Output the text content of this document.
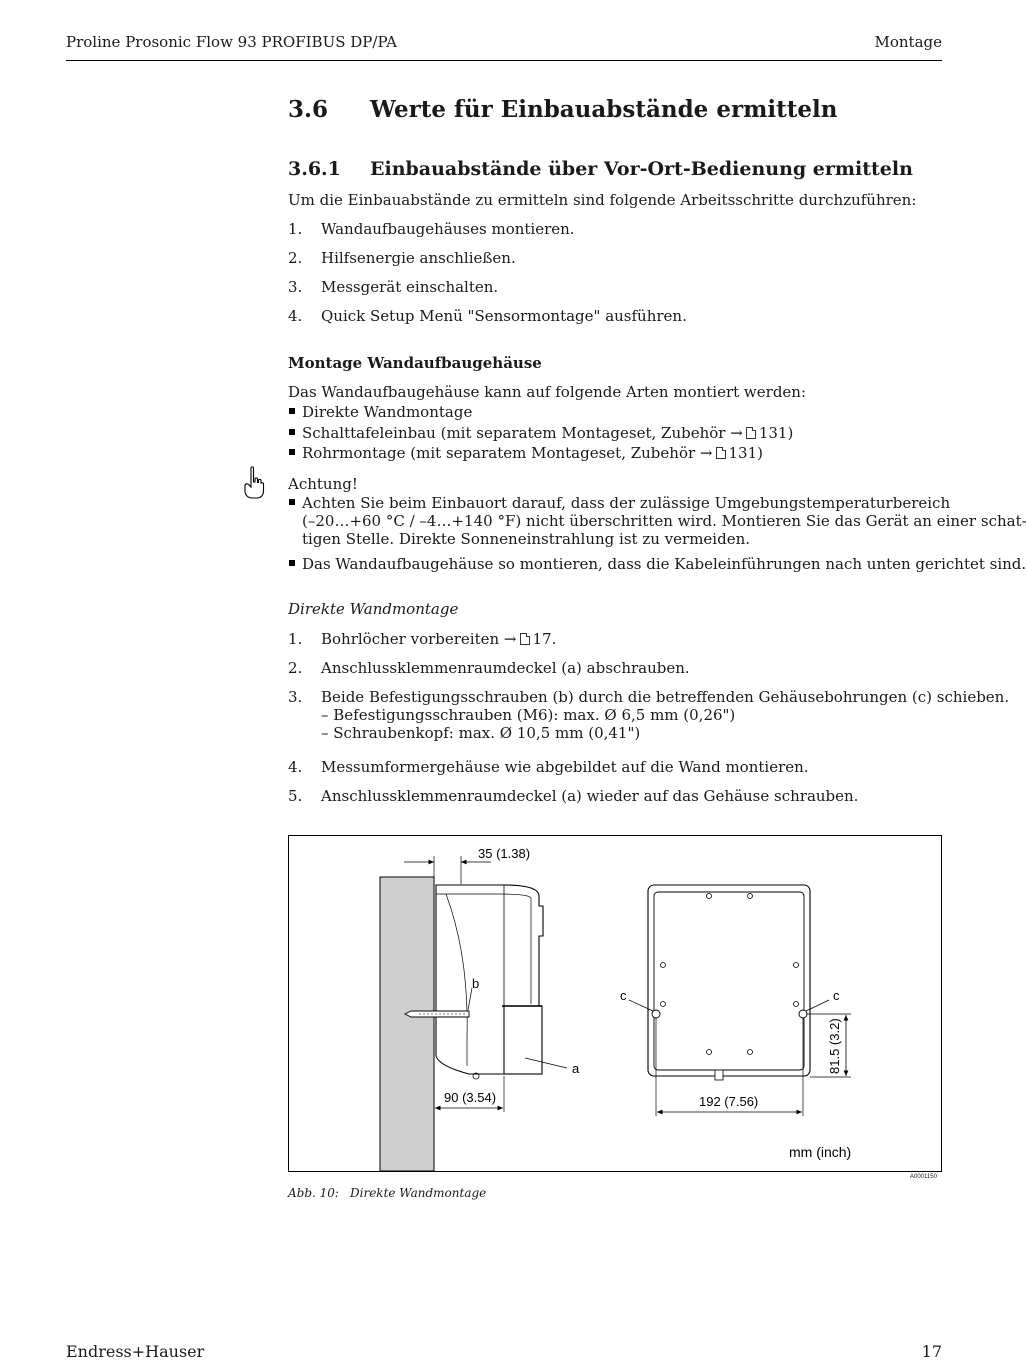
Proline Prosonic Flow 93 PROFIBUS DP/PA	Montage
3.6 Werte für Einbauabstände ermitteln
3.6.1 Einbauabstände über Vor-Ort-Bedienung ermitteln
Um die Einbauabstände zu ermitteln sind folgende Arbeitsschritte durchzuführen:
1. Wandaufbaugehäuses montieren.
2. Hilfsenergie anschließen.
3. Messgerät einschalten.
4. Quick Setup Menü "Sensormontage" ausführen.
Montage Wandaufbaugehäuse
Das Wandaufbaugehäuse kann auf folgende Arten montiert werden:
Direkte Wandmontage
Schalttafeleinbau (mit separatem Montageset, Zubehör → 131)
Rohrmontage (mit separatem Montageset, Zubehör → 131)
Achtung!
Achten Sie beim Einbauort darauf, dass der zulässige Umgebungstemperaturbereich
(–20…+60 °C / –4…+140 °F) nicht überschritten wird. Montieren Sie das Gerät an einer schat-
tigen Stelle. Direkte Sonneneinstrahlung ist zu vermeiden.
Das Wandaufbaugehäuse so montieren, dass die Kabeleinführungen nach unten gerichtet sind.
Direkte Wandmontage
1. Bohrlöcher vorbereiten → 17.
2. Anschlussklemmenraumdeckel (a) abschrauben.
3. Beide Befestigungsschrauben (b) durch die betreffenden Gehäusebohrungen (c) schieben.
– Befestigungsschrauben (M6): max. Ø 6,5 mm (0,26")
– Schraubenkopf: max. Ø 10,5 mm (0,41")
4. Messumformergehäuse wie abgebildet auf die Wand montieren.
5. Anschlussklemmenraumdeckel (a) wieder auf das Gehäuse schrauben.
b
a
35 (1.38)
90 (3.54)
c	c
192 (7.56)
81.5 (3.2)
mm (inch)
A0001150
Abb. 10: Direkte Wandmontage
Endress+Hauser	17
